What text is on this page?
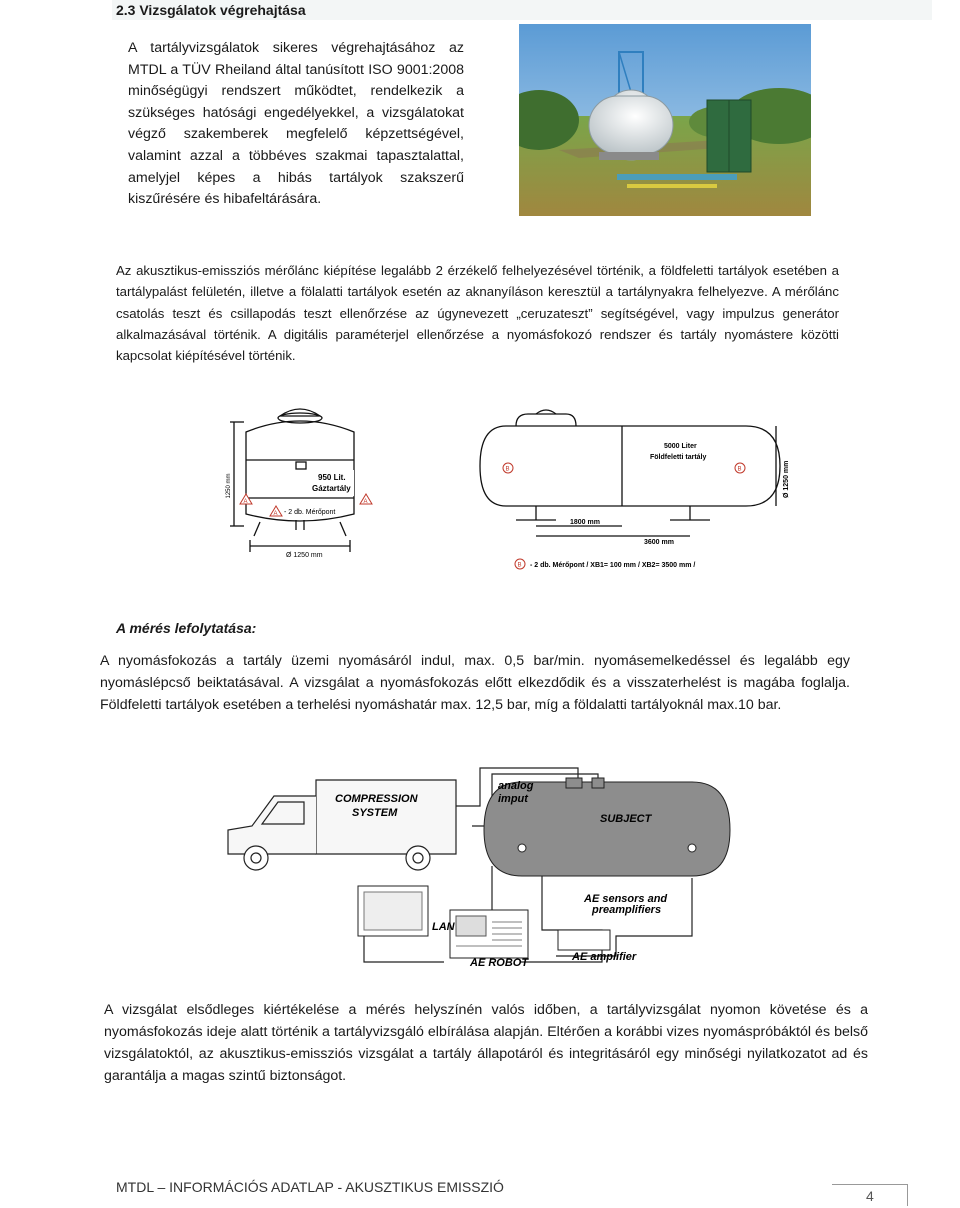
2.3 Vizsgálatok végrehajtása
A tartályvizsgálatok sikeres végrehajtásához az MTDL a TÜV Rheiland által tanúsított ISO 9001:2008 minőségügyi rendszert működtet, rendelkezik a szükséges hatósági engedélyekkel, a vizsgálatokat végző szakemberek megfelelő képzettségével, valamint azzal a többéves szakmai tapasztalattal, amelyjel képes a hibás tartályok szakszerű kiszűrésére és hibafeltárására.
Az akusztikus-emissziós mérőlánc kiépítése legalább 2 érzékelő felhelyezésével történik, a földfeletti tartályok esetében a tartálypalást felületén, illetve a fölalatti tartályok esetén az aknanyíláson keresztül a tartálynyakra felhelyezve. A mérőlánc csatolás teszt és csillapodás teszt ellenőrzése az úgynevezett „ceruzateszt” segítségével, vagy impulzus generátor alkalmazásával történik. A digitális paraméterjel ellenőrzése a nyomásfokozó rendszer és tartály nyomástere közötti kapcsolat kiépítésével történik.
1250 mm	950 Lit.
Gáztartály
A	A
A - 2 db. Mérőpont
Ø 1250 mm
5000 Liter
Földfeletti tartály
Ø 1250 mm
B	B
B
1800 mm
3600 mm
- 2 db. Mérőpont / XB1= 100 mm / XB2= 3500 mm /
A mérés lefolytatása:
A nyomásfokozás a tartály üzemi nyomásáról indul, max. 0,5 bar/min. nyomásemelkedéssel és legalább egy nyomáslépcső beiktatásával. A vizsgálat a nyomásfokozás előtt elkezdődik és a visszaterhelést is magába foglalja. Földfeletti tartályok esetében a terhelési nyomáshatár max. 12,5 bar, míg a földalatti tartályoknál max.10 bar.
COMPRESSION
SYSTEM
analog
imput
SUBJECT
AE sensors and
preamplifiers
LAN
AE ROBOT	AE amplifier
A vizsgálat elsődleges kiértékelése a mérés helyszínén valós időben, a tartályvizsgálat nyomon követése és a nyomásfokozás ideje alatt történik a tartályvizsgáló elbírálása alapján. Eltérően a korábbi vizes nyomáspróbáktól és belső vizsgálatoktól, az akusztikus-emissziós vizsgálat a tartály állapotáról és integritásáról egy minőségi nyilatkozatot ad és garantálja a magas szintű biztonságot.
MTDL – INFORMÁCIÓS ADATLAP - AKUSZTIKUS EMISSZIÓ
4
